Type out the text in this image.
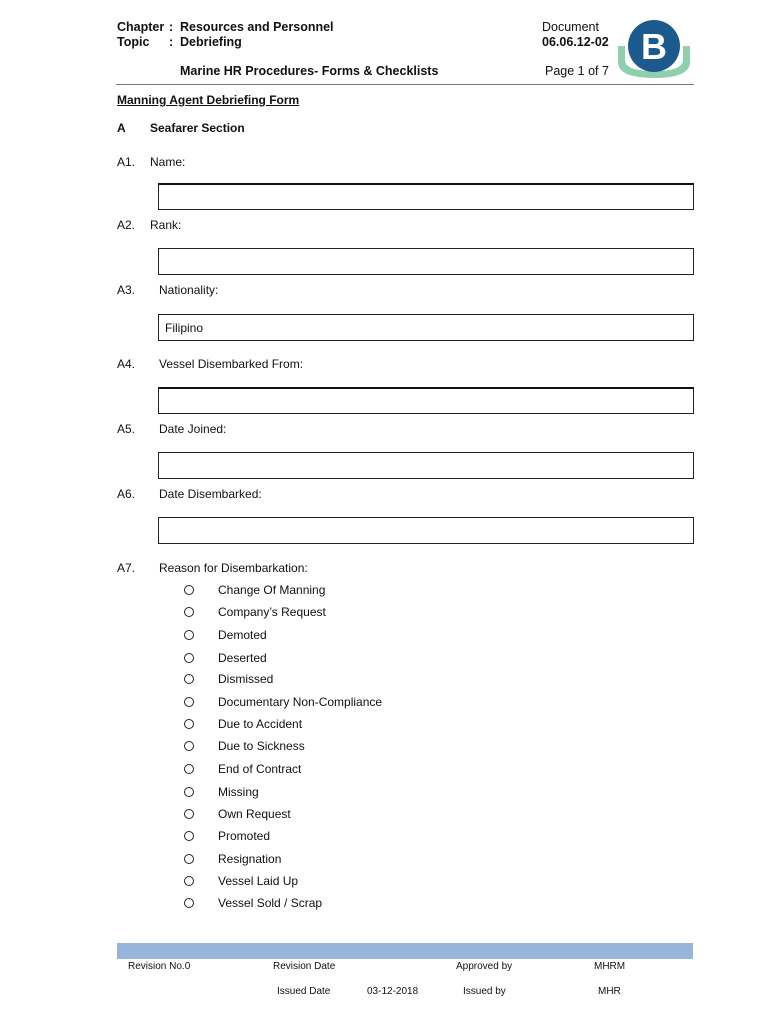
Chapter : Resources and Personnel
Topic : Debriefing
Document
06.06.12-02
Marine HR Procedures- Forms & Checklists	Page 1 of 7
B
Manning Agent Debriefing Form
A Seafarer Section
A1. Name:
A2. Rank:
A3. Nationality:
Filipino
A4. Vessel Disembarked From:
A5. Date Joined:
A6. Date Disembarked:
A7. Reason for Disembarkation:
Change Of Manning
Company’s Request
Demoted
Deserted
Dismissed
Documentary Non-Compliance
Due to Accident
Due to Sickness
End of Contract
Missing
Own Request
Promoted
Resignation
Vessel Laid Up
Vessel Sold / Scrap
Revision No.0	Revision Date	Approved by	MHRM
Issued Date	03-12-2018	Issued by	MHR
